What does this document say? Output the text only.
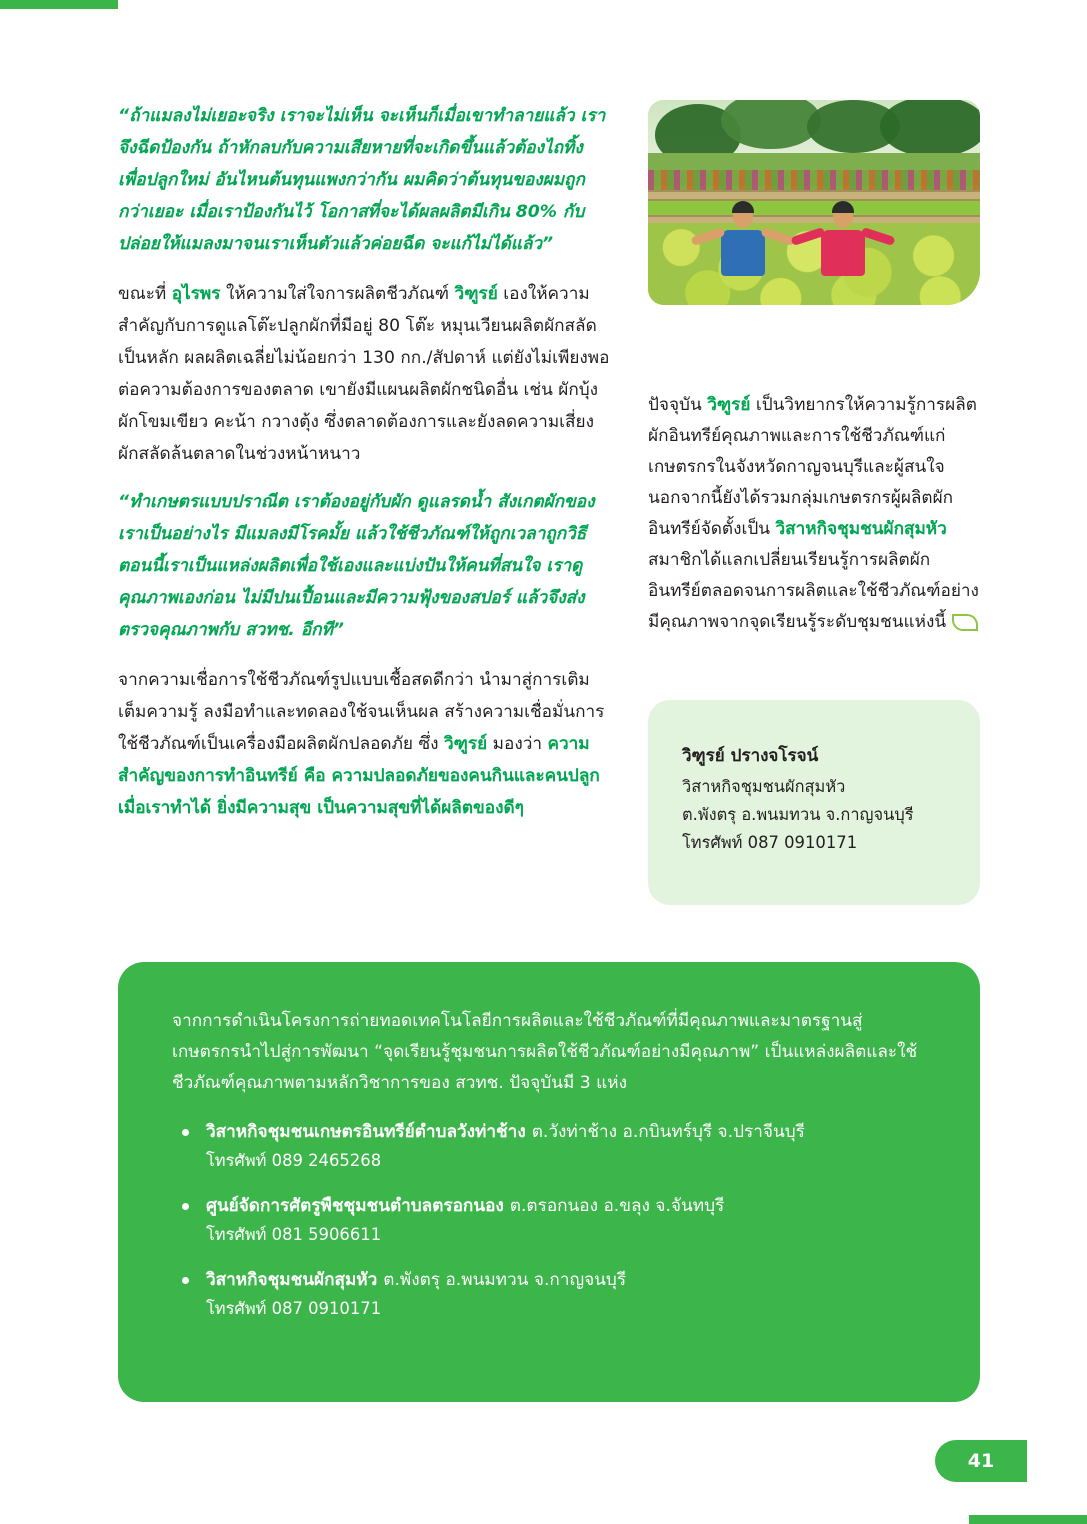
“ถ้าแมลงไม่เยอะจริง เราจะไม่เห็น จะเห็นก็เมื่อเขาทำลายแล้ว เราจึงฉีดป้องกัน ถ้าหักลบกับความเสียหายที่จะเกิดขึ้นแล้วต้องไถทิ้งเพื่อปลูกใหม่ อันไหนต้นทุนแพงกว่ากัน ผมคิดว่าต้นทุนของผมถูกกว่าเยอะ เมื่อเราป้องกันไว้ โอกาสที่จะได้ผลผลิตมีเกิน 80% กับปล่อยให้แมลงมาจนเราเห็นตัวแล้วค่อยฉีด จะแก้ไม่ได้แล้ว”

ขณะที่ อุไรพร ให้ความใส่ใจการผลิตชีวภัณฑ์ วิฑูรย์ เองให้ความสำคัญกับการดูแลโต๊ะปลูกผักที่มีอยู่ 80 โต๊ะ หมุนเวียนผลิตผักสลัดเป็นหลัก ผลผลิตเฉลี่ยไม่น้อยกว่า 130 กก./สัปดาห์ แต่ยังไม่เพียงพอต่อความต้องการของตลาด เขายังมีแผนผลิตผักชนิดอื่น เช่น ผักบุ้ง ผักโขมเขียว คะน้า กวางตุ้ง ซึ่งตลาดต้องการและยังลดความเสี่ยงผักสลัดล้นตลาดในช่วงหน้าหนาว

“ทำเกษตรแบบปราณีต เราต้องอยู่กับผัก ดูแลรดน้ำ สังเกตผักของเราเป็นอย่างไร มีแมลงมีโรคมั้ย แล้วใช้ชีวภัณฑ์ให้ถูกเวลาถูกวิธี ตอนนี้เราเป็นแหล่งผลิตเพื่อใช้เองและแบ่งปันให้คนที่สนใจ เราดูคุณภาพเองก่อน ไม่มีปนเปื้อนและมีความฟุ้งของสปอร์ แล้วจึงส่งตรวจคุณภาพกับ สวทช. อีกที”

จากความเชื่อการใช้ชีวภัณฑ์รูปแบบเชื้อสดดีกว่า นำมาสู่การเติมเต็มความรู้ ลงมือทำและทดลองใช้จนเห็นผล สร้างความเชื่อมั่นการใช้ชีวภัณฑ์เป็นเครื่องมือผลิตผักปลอดภัย ซึ่ง วิฑูรย์ มองว่า ความสำคัญของการทำอินทรีย์ คือ ความปลอดภัยของคนกินและคนปลูก เมื่อเราทำได้ ยิ่งมีความสุข เป็นความสุขที่ได้ผลิตของดีๆ

ปัจจุบัน วิฑูรย์ เป็นวิทยากรให้ความรู้การผลิตผักอินทรีย์คุณภาพและการใช้ชีวภัณฑ์แก่เกษตรกรในจังหวัดกาญจนบุรีและผู้สนใจ นอกจากนี้ยังได้รวมกลุ่มเกษตรกรผู้ผลิตผักอินทรีย์จัดตั้งเป็น วิสาหกิจชุมชนผักสุมหัว สมาชิกได้แลกเปลี่ยนเรียนรู้การผลิตผักอินทรีย์ตลอดจนการผลิตและใช้ชีวภัณฑ์อย่างมีคุณภาพจากจุดเรียนรู้ระดับชุมชนแห่งนี้

วิฑูรย์ ปรางจโรจน์

วิสาหกิจชุมชนผักสุมหัว

ต.พังตรุ อ.พนมทวน จ.กาญจนบุรี

โทรศัพท์ 087 0910171

จากการดำเนินโครงการถ่ายทอดเทคโนโลยีการผลิตและใช้ชีวภัณฑ์ที่มีคุณภาพและมาตรฐานสู่เกษตรกรนำไปสู่การพัฒนา “จุดเรียนรู้ชุมชนการผลิตใช้ชีวภัณฑ์อย่างมีคุณภาพ” เป็นแหล่งผลิตและใช้ชีวภัณฑ์คุณภาพตามหลักวิชาการของ สวทช. ปัจจุบันมี 3 แห่ง

วิสาหกิจชุมชนเกษตรอินทรีย์ตำบลวังท่าช้าง ต.วังท่าช้าง อ.กบินทร์บุรี จ.ปราจีนบุรี
โทรศัพท์ 089 2465268
ศูนย์จัดการศัตรูพืชชุมชนตำบลตรอกนอง ต.ตรอกนอง อ.ขลุง จ.จันทบุรี
โทรศัพท์ 081 5906611
วิสาหกิจชุมชนผักสุมหัว ต.พังตรุ อ.พนมทวน จ.กาญจนบุรี
โทรศัพท์ 087 0910171
41
